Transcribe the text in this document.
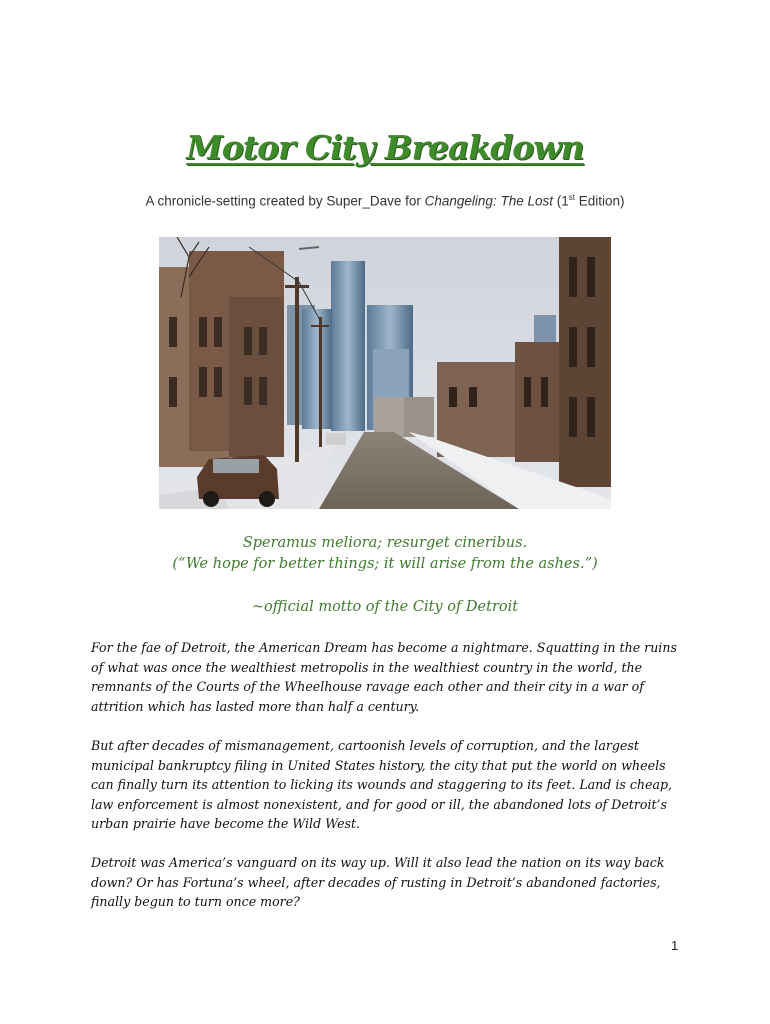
Motor City Breakdown
A chronicle-setting created by Super_Dave for Changeling: The Lost (1st Edition)
Speramus meliora; resurget cineribus.
(“We hope for better things; it will arise from the ashes.”)
~official motto of the City of Detroit
For the fae of Detroit, the American Dream has become a nightmare. Squatting in the ruins of what was once the wealthiest metropolis in the wealthiest country in the world, the remnants of the Courts of the Wheelhouse ravage each other and their city in a war of attrition which has lasted more than half a century.
But after decades of mismanagement, cartoonish levels of corruption, and the largest municipal bankruptcy filing in United States history, the city that put the world on wheels can finally turn its attention to licking its wounds and staggering to its feet. Land is cheap, law enforcement is almost nonexistent, and for good or ill, the abandoned lots of Detroit’s urban prairie have become the Wild West.
Detroit was America’s vanguard on its way up. Will it also lead the nation on its way back down? Or has Fortuna’s wheel, after decades of rusting in Detroit’s abandoned factories, finally begun to turn once more?
1
